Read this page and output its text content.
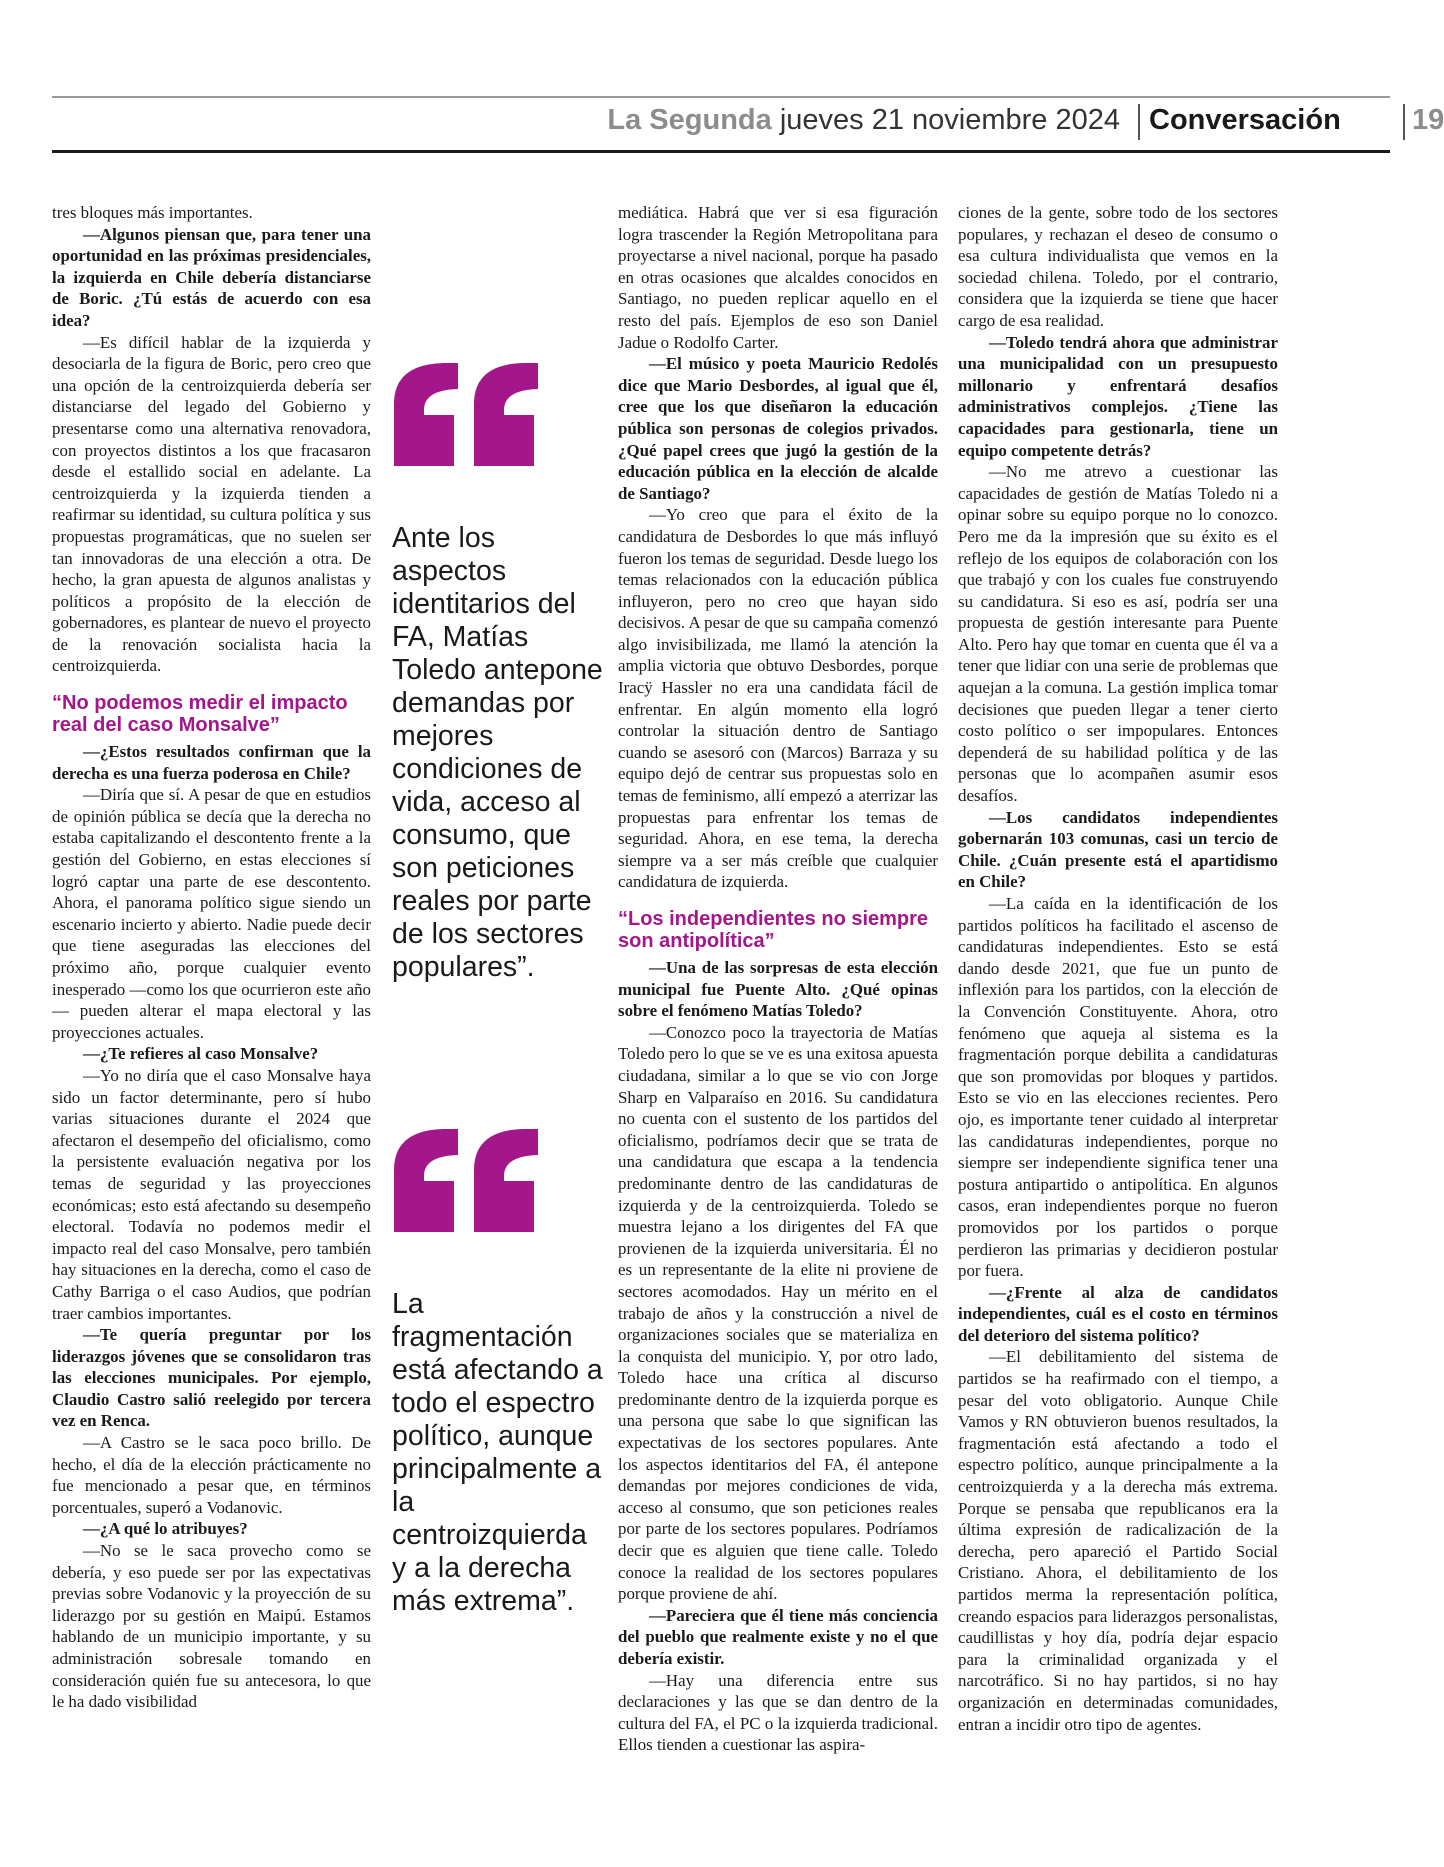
La Segunda jueves 21 noviembre 2024 Conversación 19

tres bloques más importantes.

—Algunos piensan que, para tener una oportunidad en las próximas presidenciales, la izquierda en Chile debería distanciarse de Boric. ¿Tú estás de acuerdo con esa idea?

—Es difícil hablar de la izquierda y desociarla de la figura de Boric, pero creo que una opción de la centroizquierda debería ser distanciarse del legado del Gobierno y presentarse como una alternativa renovadora, con proyectos distintos a los que fracasaron desde el estallido social en adelante. La centroizquierda y la izquierda tienden a reafirmar su identidad, su cultura política y sus propuestas programáticas, que no suelen ser tan innovadoras de una elección a otra. De hecho, la gran apuesta de algunos analistas y políticos a propósito de la elección de gobernadores, es plantear de nuevo el proyecto de la renovación socialista hacia la centroizquierda.

“No podemos medir el impacto real del caso Monsalve”

—¿Estos resultados confirman que la derecha es una fuerza poderosa en Chile?

—Diría que sí. A pesar de que en estudios de opinión pública se decía que la derecha no estaba capitalizando el descontento frente a la gestión del Gobierno, en estas elecciones sí logró captar una parte de ese descontento. Ahora, el panorama político sigue siendo un escenario incierto y abierto. Nadie puede decir que tiene aseguradas las elecciones del próximo año, porque cualquier evento inesperado —como los que ocurrieron este año— pueden alterar el mapa electoral y las proyecciones actuales.

—¿Te refieres al caso Monsalve?

—Yo no diría que el caso Monsalve haya sido un factor determinante, pero sí hubo varias situaciones durante el 2024 que afectaron el desempeño del oficialismo, como la persistente evaluación negativa por los temas de seguridad y las proyecciones económicas; esto está afectando su desempeño electoral. Todavía no podemos medir el impacto real del caso Monsalve, pero también hay situaciones en la derecha, como el caso de Cathy Barriga o el caso Audios, que podrían traer cambios importantes.

—Te quería preguntar por los liderazgos jóvenes que se consolidaron tras las elecciones municipales. Por ejemplo, Claudio Castro salió reelegido por tercera vez en Renca.

—A Castro se le saca poco brillo. De hecho, el día de la elección prácticamente no fue mencionado a pesar que, en términos porcentuales, superó a Vodanovic.

—¿A qué lo atribuyes?

—No se le saca provecho como se debería, y eso puede ser por las expectativas previas sobre Vodanovic y la proyección de su liderazgo por su gestión en Maipú. Estamos hablando de un municipio importante, y su administración sobresale tomando en consideración quién fue su antecesora, lo que le ha dado visibilidad

Ante los aspectos identitarios del FA, Matías Toledo antepone demandas por mejores condiciones de vida, acceso al consumo, que son peticiones reales por parte de los sectores populares”.
La fragmentación está afectando a todo el espectro político, aunque principalmente a la centroizquierda y a la derecha más extrema”.

mediática. Habrá que ver si esa figuración logra trascender la Región Metropolitana para proyectarse a nivel nacional, porque ha pasado en otras ocasiones que alcaldes conocidos en Santiago, no pueden replicar aquello en el resto del país. Ejemplos de eso son Daniel Jadue o Rodolfo Carter.

—El músico y poeta Mauricio Redolés dice que Mario Desbordes, al igual que él, cree que los que diseñaron la educación pública son personas de colegios privados. ¿Qué papel crees que jugó la gestión de la educación pública en la elección de alcalde de Santiago?

—Yo creo que para el éxito de la candidatura de Desbordes lo que más influyó fueron los temas de seguridad. Desde luego los temas relacionados con la educación pública influyeron, pero no creo que hayan sido decisivos. A pesar de que su campaña comenzó algo invisibilizada, me llamó la atención la amplia victoria que obtuvo Desbordes, porque Iracÿ Hassler no era una candidata fácil de enfrentar. En algún momento ella logró controlar la situación dentro de Santiago cuando se asesoró con (Marcos) Barraza y su equipo dejó de centrar sus propuestas solo en temas de feminismo, allí empezó a aterrizar las propuestas para enfrentar los temas de seguridad. Ahora, en ese tema, la derecha siempre va a ser más creíble que cualquier candidatura de izquierda.

“Los independientes no siempre son antipolítica”

—Una de las sorpresas de esta elección municipal fue Puente Alto. ¿Qué opinas sobre el fenómeno Matías Toledo?

—Conozco poco la trayectoria de Matías Toledo pero lo que se ve es una exitosa apuesta ciudadana, similar a lo que se vio con Jorge Sharp en Valparaíso en 2016. Su candidatura no cuenta con el sustento de los partidos del oficialismo, podríamos decir que se trata de una candidatura que escapa a la tendencia predominante dentro de las candidaturas de izquierda y de la centroizquierda. Toledo se muestra lejano a los dirigentes del FA que provienen de la izquierda universitaria. Él no es un representante de la elite ni proviene de sectores acomodados. Hay un mérito en el trabajo de años y la construcción a nivel de organizaciones sociales que se materializa en la conquista del municipio. Y, por otro lado, Toledo hace una crítica al discurso predominante dentro de la izquierda porque es una persona que sabe lo que significan las expectativas de los sectores populares. Ante los aspectos identitarios del FA, él antepone demandas por mejores condiciones de vida, acceso al consumo, que son peticiones reales por parte de los sectores populares. Podríamos decir que es alguien que tiene calle. Toledo conoce la realidad de los sectores populares porque proviene de ahí.

—Pareciera que él tiene más conciencia del pueblo que realmente existe y no el que debería existir.

—Hay una diferencia entre sus declaraciones y las que se dan dentro de la cultura del FA, el PC o la izquierda tradicional. Ellos tienden a cuestionar las aspira-

ciones de la gente, sobre todo de los sectores populares, y rechazan el deseo de consumo o esa cultura individualista que vemos en la sociedad chilena. Toledo, por el contrario, considera que la izquierda se tiene que hacer cargo de esa realidad.

—Toledo tendrá ahora que administrar una municipalidad con un presupuesto millonario y enfrentará desafíos administrativos complejos. ¿Tiene las capacidades para gestionarla, tiene un equipo competente detrás?

—No me atrevo a cuestionar las capacidades de gestión de Matías Toledo ni a opinar sobre su equipo porque no lo conozco. Pero me da la impresión que su éxito es el reflejo de los equipos de colaboración con los que trabajó y con los cuales fue construyendo su candidatura. Si eso es así, podría ser una propuesta de gestión interesante para Puente Alto. Pero hay que tomar en cuenta que él va a tener que lidiar con una serie de problemas que aquejan a la comuna. La gestión implica tomar decisiones que pueden llegar a tener cierto costo político o ser impopulares. Entonces dependerá de su habilidad política y de las personas que lo acompañen asumir esos desafíos.

—Los candidatos independientes gobernarán 103 comunas, casi un tercio de Chile. ¿Cuán presente está el apartidismo en Chile?

—La caída en la identificación de los partidos políticos ha facilitado el ascenso de candidaturas independientes. Esto se está dando desde 2021, que fue un punto de inflexión para los partidos, con la elección de la Convención Constituyente. Ahora, otro fenómeno que aqueja al sistema es la fragmentación porque debilita a candidaturas que son promovidas por bloques y partidos. Esto se vio en las elecciones recientes. Pero ojo, es importante tener cuidado al interpretar las candidaturas independientes, porque no siempre ser independiente significa tener una postura antipartido o antipolítica. En algunos casos, eran independientes porque no fueron promovidos por los partidos o porque perdieron las primarias y decidieron postular por fuera.

—¿Frente al alza de candidatos independientes, cuál es el costo en términos del deterioro del sistema político?

—El debilitamiento del sistema de partidos se ha reafirmado con el tiempo, a pesar del voto obligatorio. Aunque Chile Vamos y RN obtuvieron buenos resultados, la fragmentación está afectando a todo el espectro político, aunque principalmente a la centroizquierda y a la derecha más extrema. Porque se pensaba que republicanos era la última expresión de radicalización de la derecha, pero apareció el Partido Social Cristiano. Ahora, el debilitamiento de los partidos merma la representación política, creando espacios para liderazgos personalistas, caudillistas y hoy día, podría dejar espacio para la criminalidad organizada y el narcotráfico. Si no hay partidos, si no hay organización en determinadas comunidades, entran a incidir otro tipo de agentes.
